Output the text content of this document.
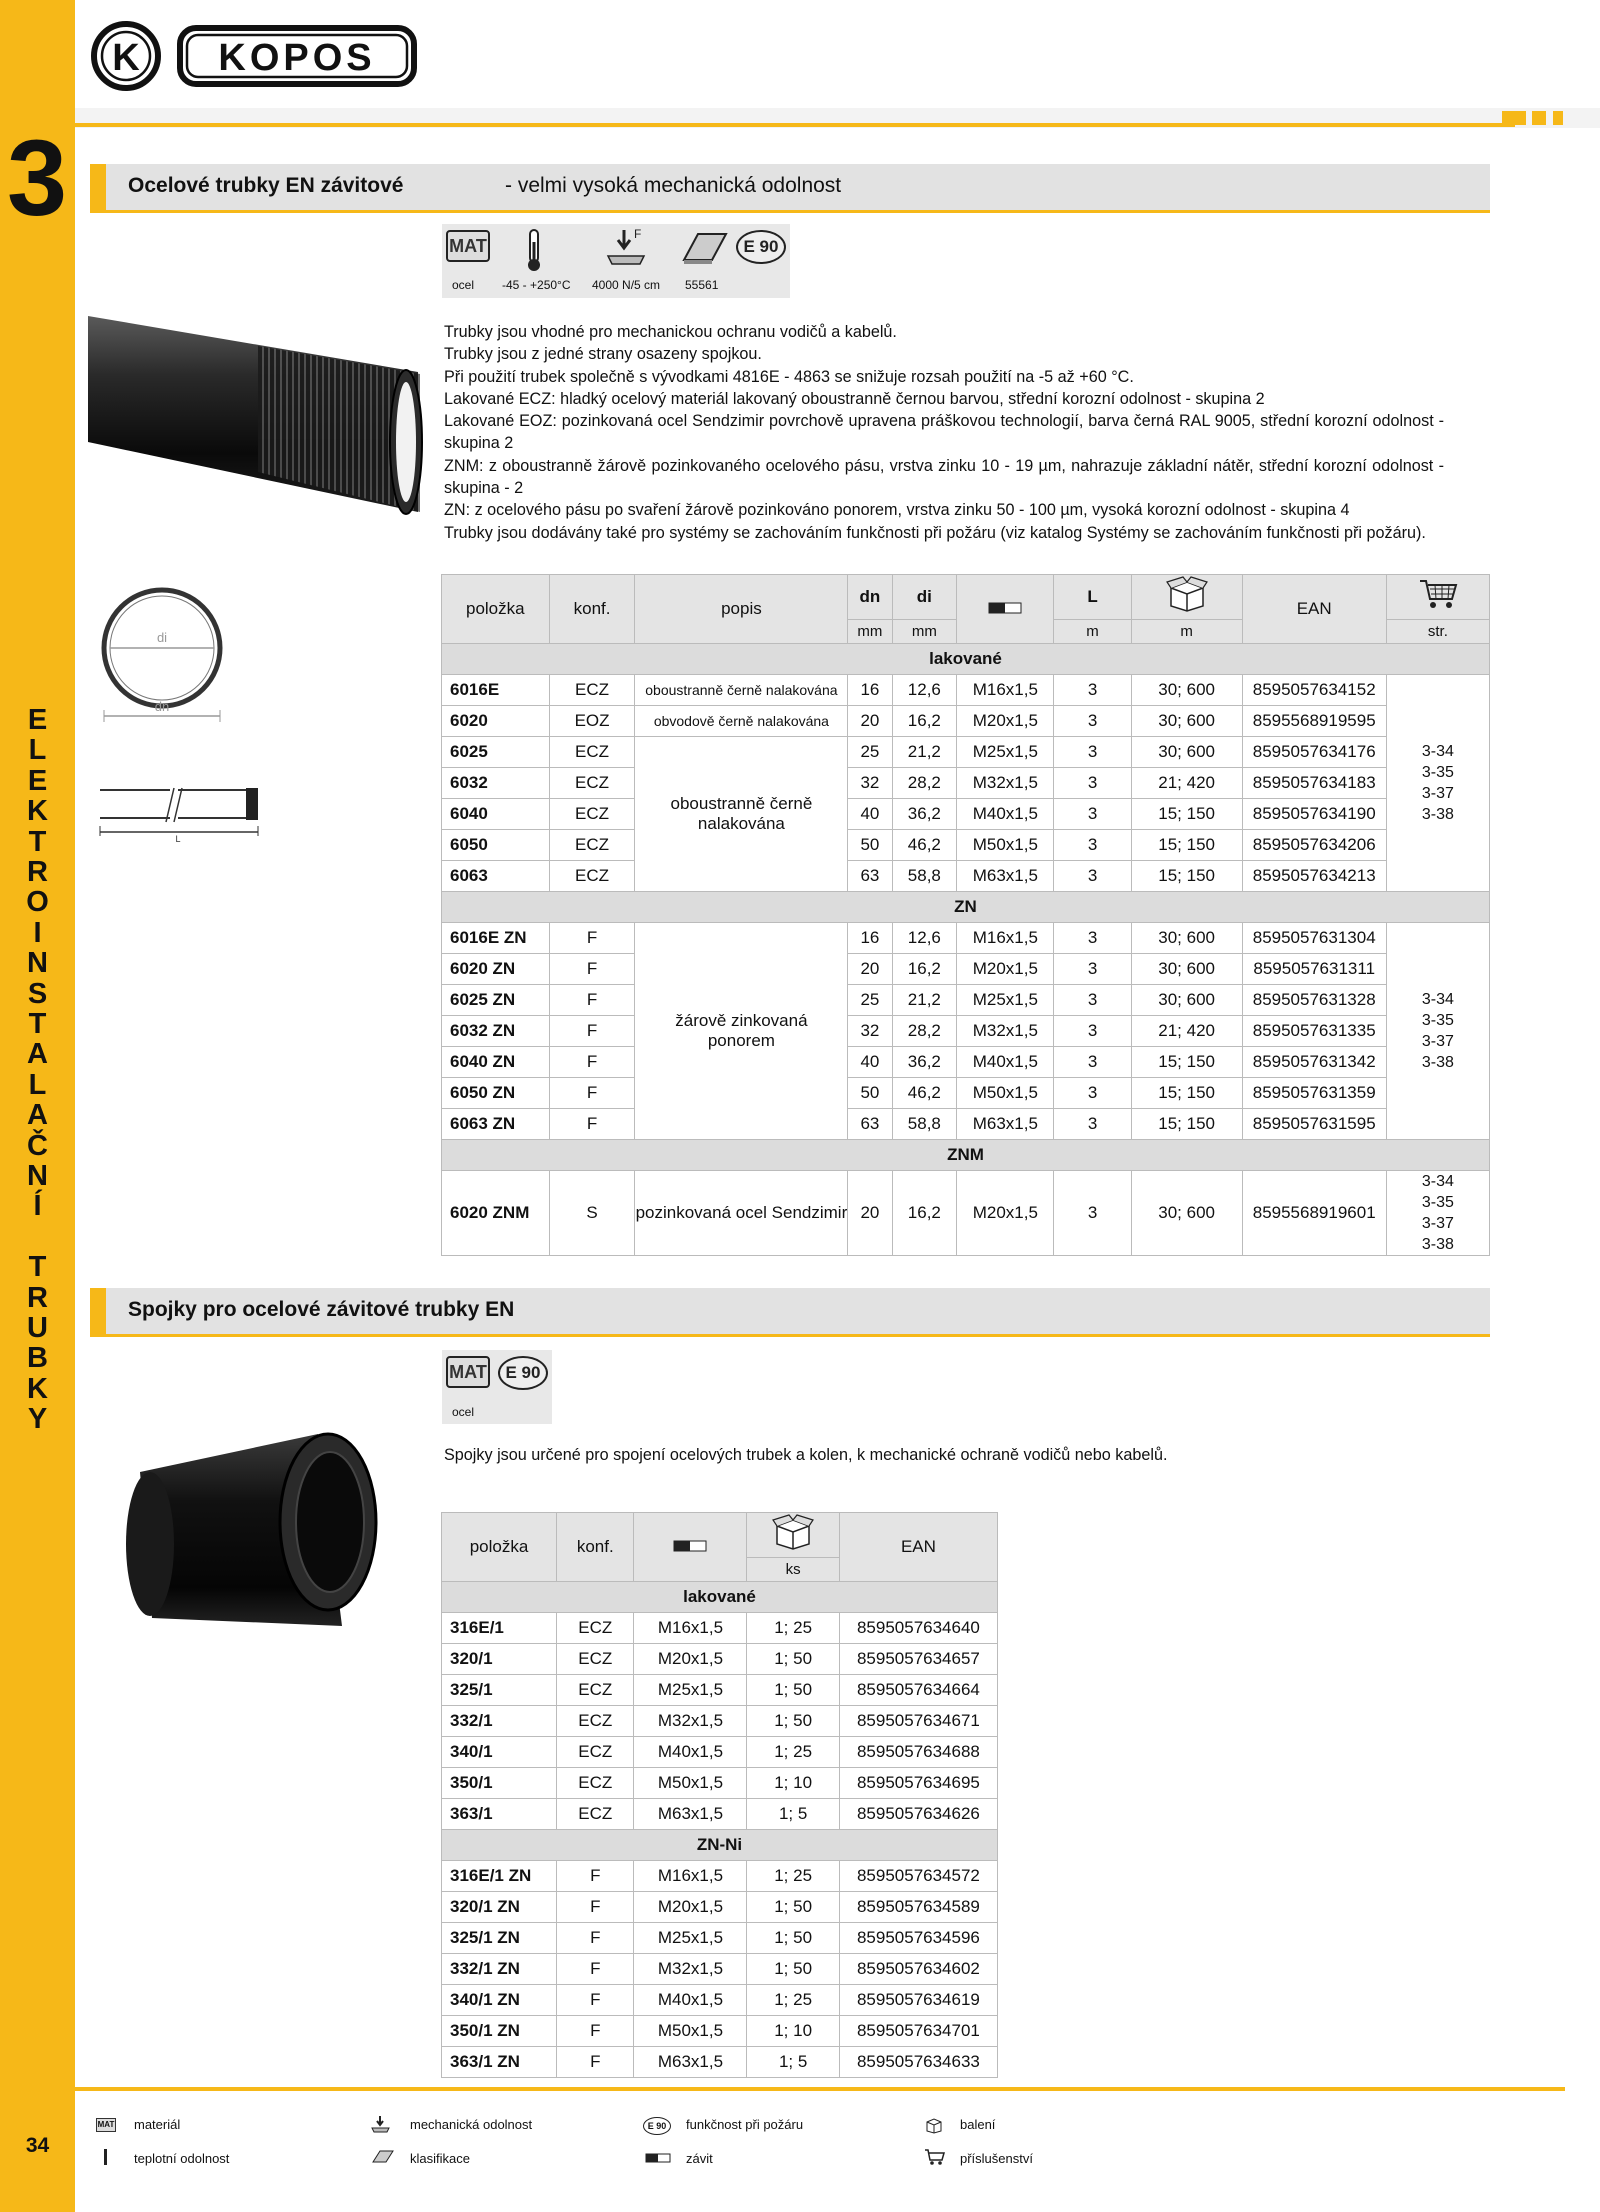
3
E
L
E
K
T
R
O
I
N
S
T
A
L
A
Č
N
Í
T
R
U
B
K
Y
34
K KOPOS
Ocelové trubky EN závitové	- velmi vysoká mechanická odolnost
MAT
F
E 90
ocel -45 - +250°C 4000 N/5 cm 55561

Trubky jsou vhodné pro mechanickou ochranu vodičů a kabelů.

Trubky jsou z jedné strany osazeny spojkou.

Při použití trubek společně s vývodkami 4816E - 4863 se snižuje rozsah použití na -5 až +60 °C.

Lakované ECZ: hladký ocelový materiál lakovaný oboustranně černou barvou, střední korozní odolnost - skupina 2

Lakované EOZ: pozinkovaná ocel Sendzimir povrchově upravena práškovou technologií, barva černá RAL 9005, střední korozní odolnost - skupina 2

ZNM: z oboustranně žárově pozinkovaného ocelového pásu, vrstva zinku 10 - 19 µm, nahrazuje základní nátěr, střední korozní odolnost - skupina - 2

ZN: z ocelového pásu po svaření žárově pozinkováno ponorem, vrstva zinku 50 - 100 µm, vysoká korozní odolnost - skupina 4

Trubky jsou dodávány také pro systémy se zachováním funkčnosti při požáru (viz katalog Systémy se zachováním funkčnosti při požáru).

di
dn
L
položka	konf.	popis	dn	di		L		EAN	
			mm	mm		m	m		str.
lakované									
6016E	ECZ	oboustranně černě nalakována	16	12,6	M16x1,5	3	30; 600	8595057634152	3-34
3-35
3-37
3-38

6020	EOZ	obvodově černě nalakována	20	16,2	M20x1,5	3	30; 600	8595568919595	
6025	ECZ	oboustranně černě nalakována	25	21,2	M25x1,5	3	30; 600	8595057634176	
6032	ECZ		32	28,2	M32x1,5	3	21; 420	8595057634183	
6040	ECZ		40	36,2	M40x1,5	3	15; 150	8595057634190	
6050	ECZ		50	46,2	M50x1,5	3	15; 150	8595057634206	
6063	ECZ		63	58,8	M63x1,5	3	15; 150	8595057634213	
ZN									
6016E ZN	F	žárově zinkovaná ponorem	16	12,6	M16x1,5	3	30; 600	8595057631304	3-34
3-35
3-37
3-38

6020 ZN	F		20	16,2	M20x1,5	3	30; 600	8595057631311	
6025 ZN	F		25	21,2	M25x1,5	3	30; 600	8595057631328	
6032 ZN	F		32	28,2	M32x1,5	3	21; 420	8595057631335	
6040 ZN	F		40	36,2	M40x1,5	3	15; 150	8595057631342	
6050 ZN	F		50	46,2	M50x1,5	3	15; 150	8595057631359	
6063 ZN	F		63	58,8	M63x1,5	3	15; 150	8595057631595	
ZNM									
6020 ZNM	S	pozinkovaná ocel Sendzimir	20	16,2	M20x1,5	3	30; 600	8595568919601	3-34
3-35
3-37
3-38
Spojky pro ocelové závitové trubky EN
MAT	E 90
ocel
Spojky jsou určené pro spojení ocelových trubek a kolen, k mechanické ochraně vodičů nebo kabelů.
položka	konf.			EAN
			ks	
lakované				
316E/1	ECZ	M16x1,5	1; 25	8595057634640
320/1	ECZ	M20x1,5	1; 50	8595057634657
325/1	ECZ	M25x1,5	1; 50	8595057634664
332/1	ECZ	M32x1,5	1; 50	8595057634671
340/1	ECZ	M40x1,5	1; 25	8595057634688
350/1	ECZ	M50x1,5	1; 10	8595057634695
363/1	ECZ	M63x1,5	1; 5	8595057634626
ZN-Ni				
316E/1 ZN	F	M16x1,5	1; 25	8595057634572
320/1 ZN	F	M20x1,5	1; 50	8595057634589
325/1 ZN	F	M25x1,5	1; 50	8595057634596
332/1 ZN	F	M32x1,5	1; 50	8595057634602
340/1 ZN	F	M40x1,5	1; 25	8595057634619
350/1 ZN	F	M50x1,5	1; 10	8595057634701
363/1 ZN	F	M63x1,5	1; 5	8595057634633
MAT materiál	mechanická odolnost	E 90	funkčnost při požáru	balení
teplotní odolnost	klasifikace	závit	příslušenství
